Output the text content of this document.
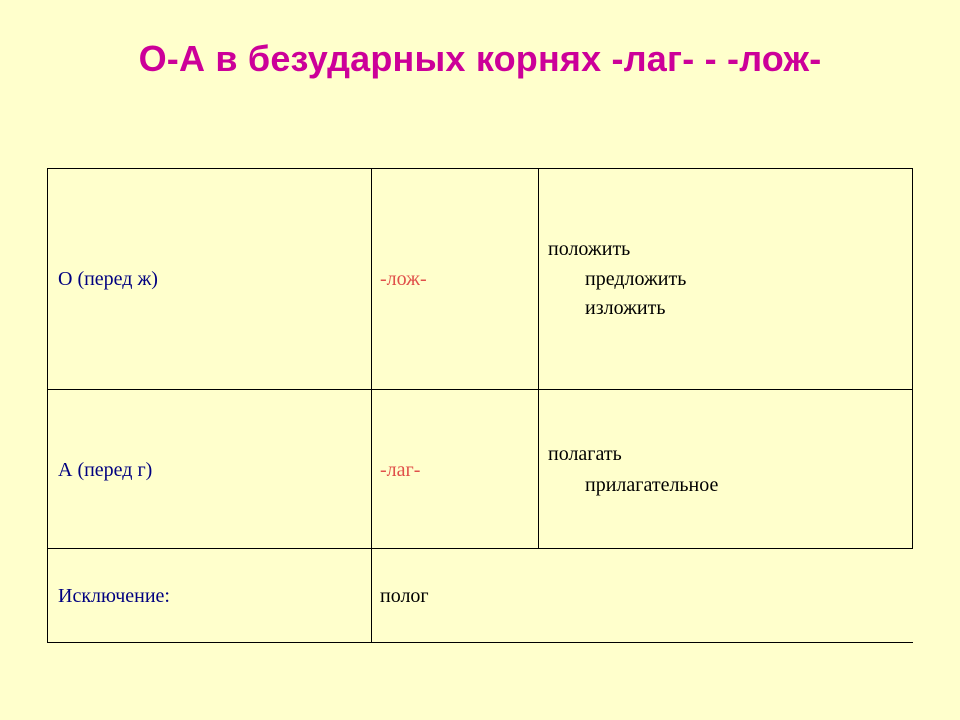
О-А в безударных корнях -лаг- - -лож-
О (перед ж)	-лож-
положить
предложить
изложить
А (перед г)	-лаг-
полагать
прилагательное
Исключение:	полог
